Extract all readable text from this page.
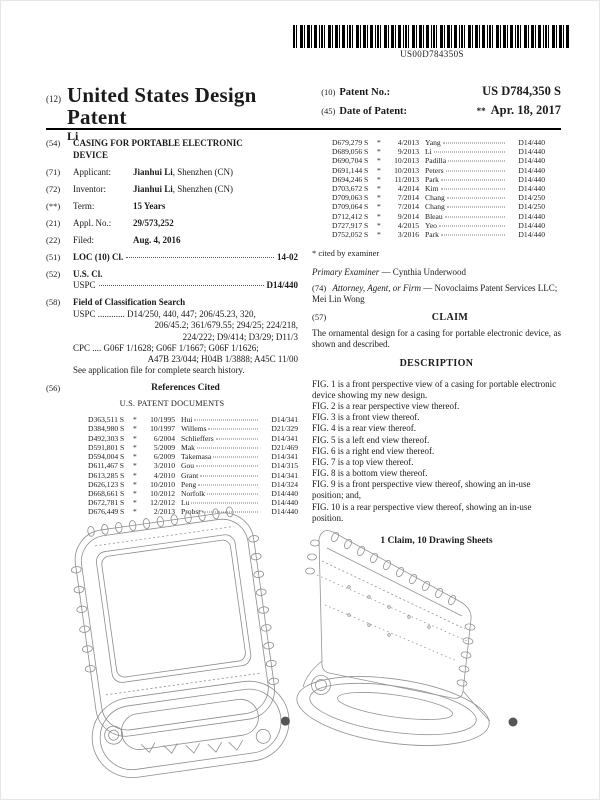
US00D784350S
(12) United States Design Patent
Li
(10) Patent No.:	US D784,350 S
(45) Date of Patent:	** Apr. 18, 2017
(54)	CASING FOR PORTABLE ELECTRONIC DEVICE
(71)	Applicant: Jianhui Li, Shenzhen (CN)
(72)	Inventor:	Jianhui Li, Shenzhen (CN)
(**)	Term:	15 Years
(21)	Appl. No.: 29/573,252
(22)	Filed:	Aug. 4, 2016
(51)	LOC (10) Cl.	14-02
(52)	U.S. Cl.
USPC	D14/440
(58)	Field of Classification Search
USPC ............ D14/250, 440, 447; 206/45.23, 320,
206/45.2; 361/679.55; 294/25; 224/218,
224/222; D9/414; D3/29; D11/3
CPC .... G06F 1/1628; G06F 1/1667; G06F 1/1626;
A47B 23/044; H04B 1/3888; A45C 11/00
See application file for complete search history.
(56)	References Cited
U.S. PATENT DOCUMENTS
D363,511 S	*	10/1995 Hui	D14/341
D384,980 S	*	10/1997 Willems	D21/329
D492,303 S	*	6/2004 Schlieffers	D14/341
D591,801 S	*	5/2009 Mak	D21/469
D594,004 S	*	6/2009 Takemasa	D14/341
D611,467 S	*	3/2010 Gou	D14/315
D613,285 S	*	4/2010 Grant	D14/341
D626,123 S	*	10/2010 Peng	D14/324
D668,661 S	*	10/2012 Norfolk	D14/440
D672,781 S	*	12/2012 Lu	D14/440
D676,449 S	*	2/2013 Probst	D14/440
D679,279 S	*	4/2013 Yang	D14/440
D689,056 S	*	9/2013 Li	D14/440
D690,704 S	*	10/2013 Padilla	D14/440
D691,144 S	*	10/2013 Peters	D14/440
D694,246 S	*	11/2013 Park	D14/440
D703,672 S	*	4/2014 Kim	D14/440
D709,063 S	*	7/2014 Chang	D14/250
D709,064 S	*	7/2014 Chang	D14/250
D712,412 S	*	9/2014 Bleau	D14/440
D727,917 S	*	4/2015 Yeo	D14/440
D752,052 S	*	3/2016 Park	D14/440
* cited by examiner
Primary Examiner — Cynthia Underwood
(74) Attorney, Agent, or Firm — Novoclaims Patent Services LLC; Mei Lin Wong
(57)	CLAIM
The ornamental design for a casing for portable electronic device, as shown and described.
DESCRIPTION

FIG. 1 is a front perspective view of a casing for portable electronic device showing my new design.

FIG. 2 is a rear perspective view thereof.

FIG. 3 is a front view thereof.

FIG. 4 is a rear view thereof.

FIG. 5 is a left end view thereof.

FIG. 6 is a right end view thereof.

FIG. 7 is a top view thereof.

FIG. 8 is a bottom view thereof.

FIG. 9 is a front perspective view thereof, showing an in-use position; and,

FIG. 10 is a rear perspective view thereof, showing an in-use position.

1 Claim, 10 Drawing Sheets
